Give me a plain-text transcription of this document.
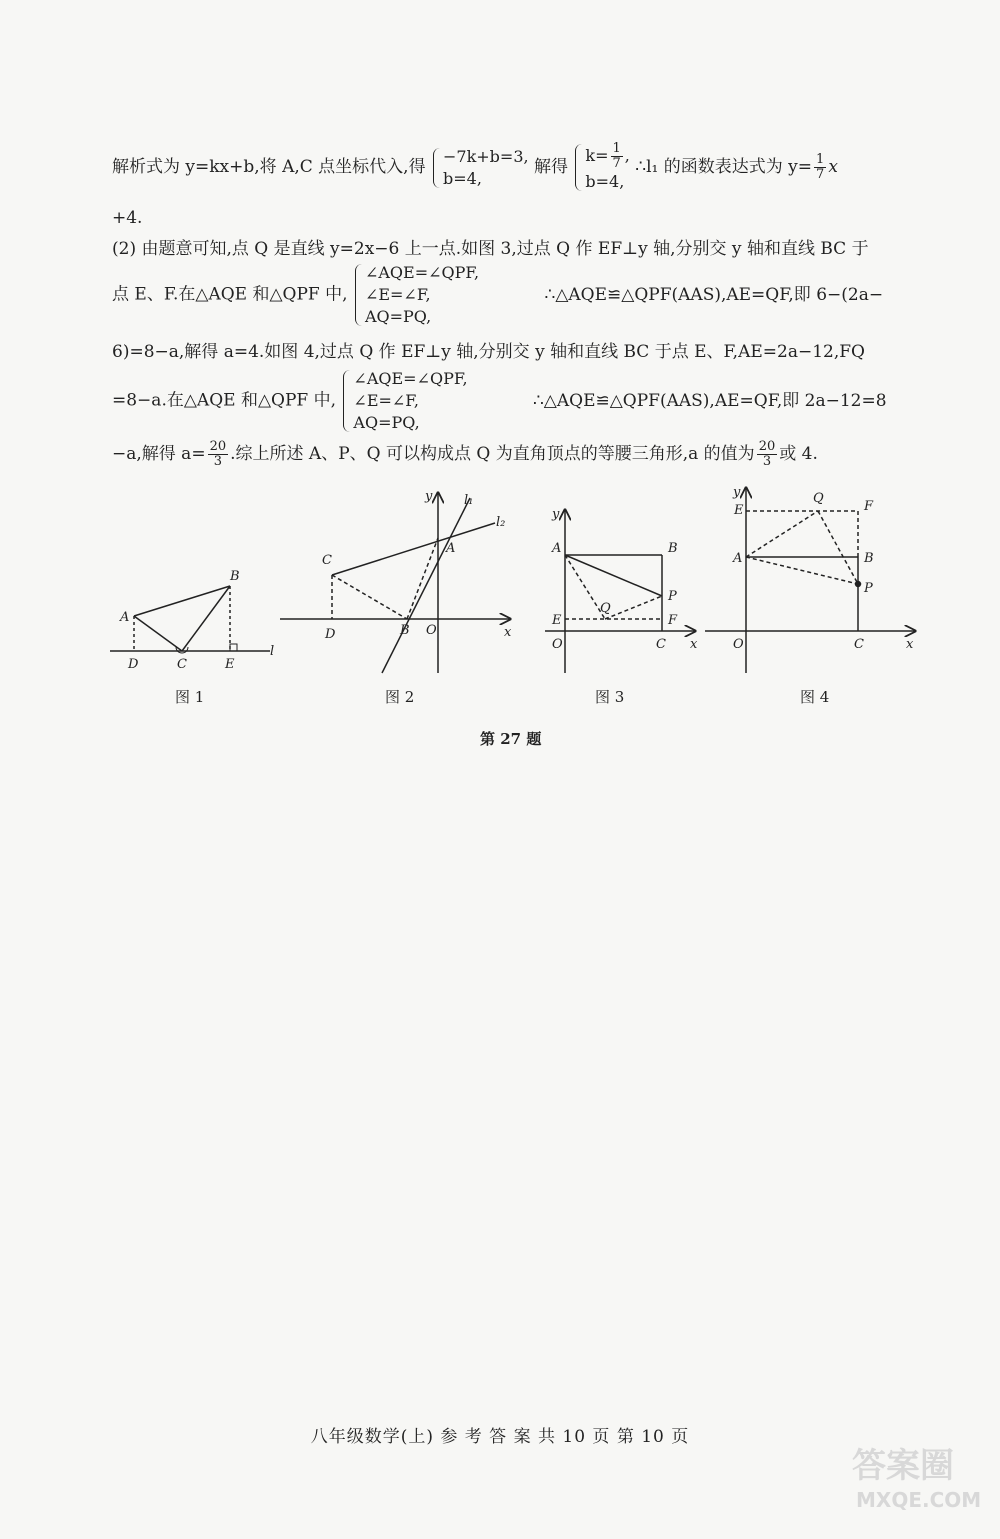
解析式为 y=kx+b,将 A,C 点坐标代入,得
−7k+b=3,
b=4,
解得
$k= \frac{1}{7}$ ,
b=4,
∴l₁ 的函数表达式为 $y= \frac{1}{7}$ x
+4.
(2) 由题意可知,点 Q 是直线 y=2x−6 上一点.如图 3,过点 Q 作 EF⊥y 轴,分别交 y 轴和直线 BC 于
点 E、F.在△AQE 和△QPF 中,
∠AQE=∠QPF,
∠E=∠F,
AQ=PQ,
∴△AQE≌△QPF(AAS),AE=QF,即 6−(2a−
6)=8−a,解得 a=4.如图 4,过点 Q 作 EF⊥y 轴,分别交 y 轴和直线 BC 于点 E、F,AE=2a−12,FQ
=8−a.在△AQE 和△QPF 中,
∠AQE=∠QPF,
∠E=∠F,
AQ=PQ,
∴△AQE≌△QPF(AAS),AE=QF,即 2a−12=8
−a,解得 $a= \frac{20}{3}$ .综上所述 A、P、Q 可以构成点 Q 为直角顶点的等腰三角形,a 的值为 $\frac{20}{3}$ 或 4.
A
B
C
D	E
l
图 1
A
B
C
D	O	x
y l₁
l₂
图 2
A	B
C
E	F
O
P
Q
x
y
图 3
A	B
C
E	F
O
P
Q
x
y
图 4
第 27 题
八年级数学(上) 参 考 答 案 共 10 页 第 10 页
答案圈
MXQE.COM
